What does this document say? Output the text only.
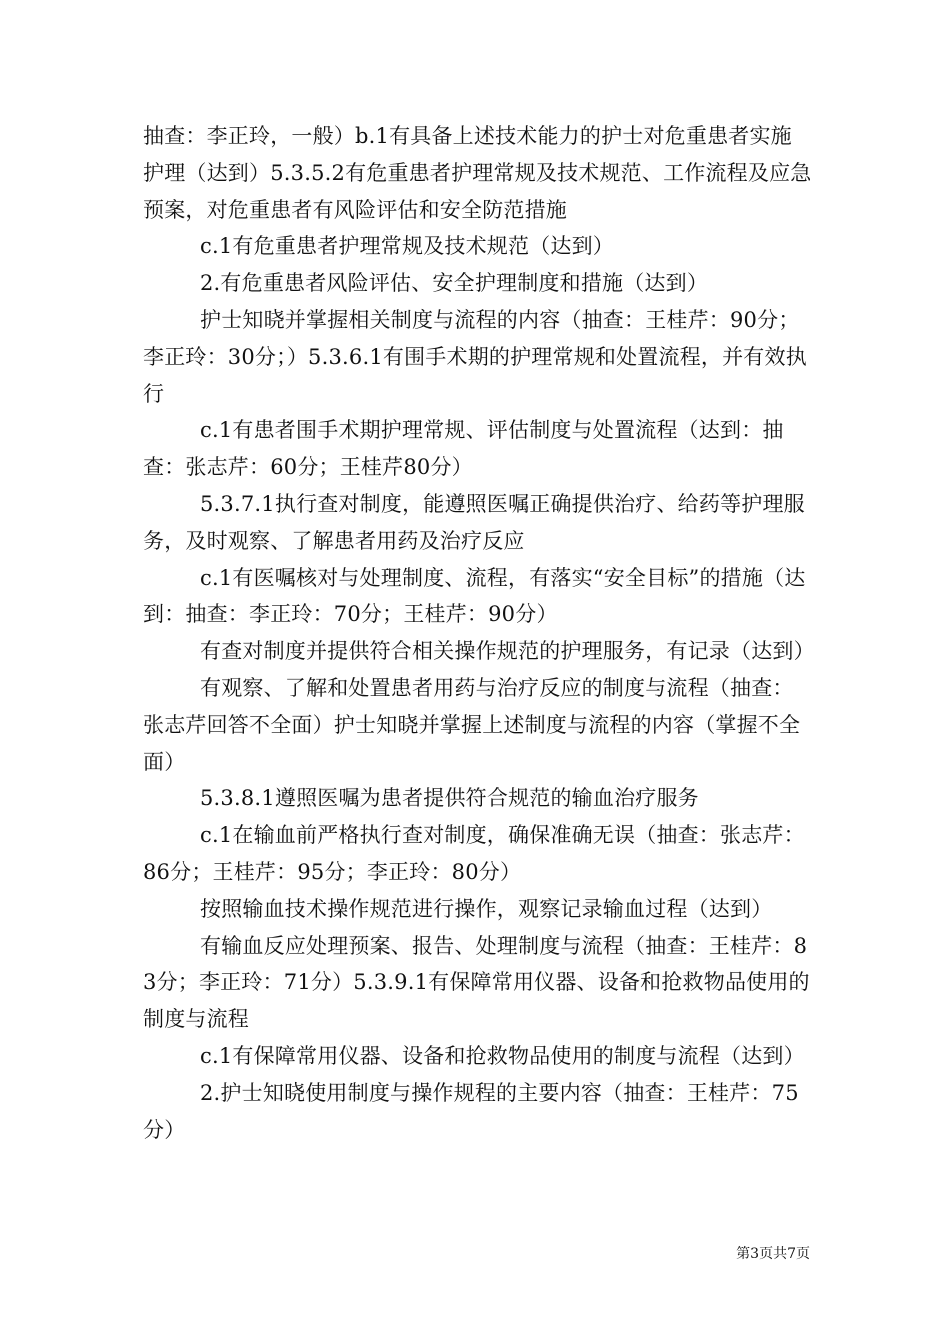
抽查：李正玲，一般）b.1有具备上述技术能力的护士对危重患者实施护理（达到）5.3.5.2有危重患者护理常规及技术规范、工作流程及应急预案，对危重患者有风险评估和安全防范措施

c.1有危重患者护理常规及技术规范（达到）

2.有危重患者风险评估、安全护理制度和措施（达到）

护士知晓并掌握相关制度与流程的内容（抽查：王桂芹：90分；李正玲：30分；）5.3.6.1有围手术期的护理常规和处置流程，并有效执行

c.1有患者围手术期护理常规、评估制度与处置流程（达到：抽查：张志芹：60分；王桂芹80分）

5.3.7.1执行查对制度，能遵照医嘱正确提供治疗、给药等护理服务，及时观察、了解患者用药及治疗反应

c.1有医嘱核对与处理制度、流程，有落实“安全目标”的措施（达到：抽查：李正玲：70分；王桂芹：90分）

有查对制度并提供符合相关操作规范的护理服务，有记录（达到）

有观察、了解和处置患者用药与治疗反应的制度与流程（抽查：张志芹回答不全面）护士知晓并掌握上述制度与流程的内容（掌握不全面）

5.3.8.1遵照医嘱为患者提供符合规范的输血治疗服务

c.1在输血前严格执行查对制度，确保准确无误（抽查：张志芹：86分；王桂芹：95分；李正玲：80分）

按照输血技术操作规范进行操作，观察记录输血过程（达到）

有输血反应处理预案、报告、处理制度与流程（抽查：王桂芹：83分；李正玲：71分）5.3.9.1有保障常用仪器、设备和抢救物品使用的制度与流程

c.1有保障常用仪器、设备和抢救物品使用的制度与流程（达到）

2.护士知晓使用制度与操作规程的主要内容（抽查：王桂芹：75分）

第3页共7页
